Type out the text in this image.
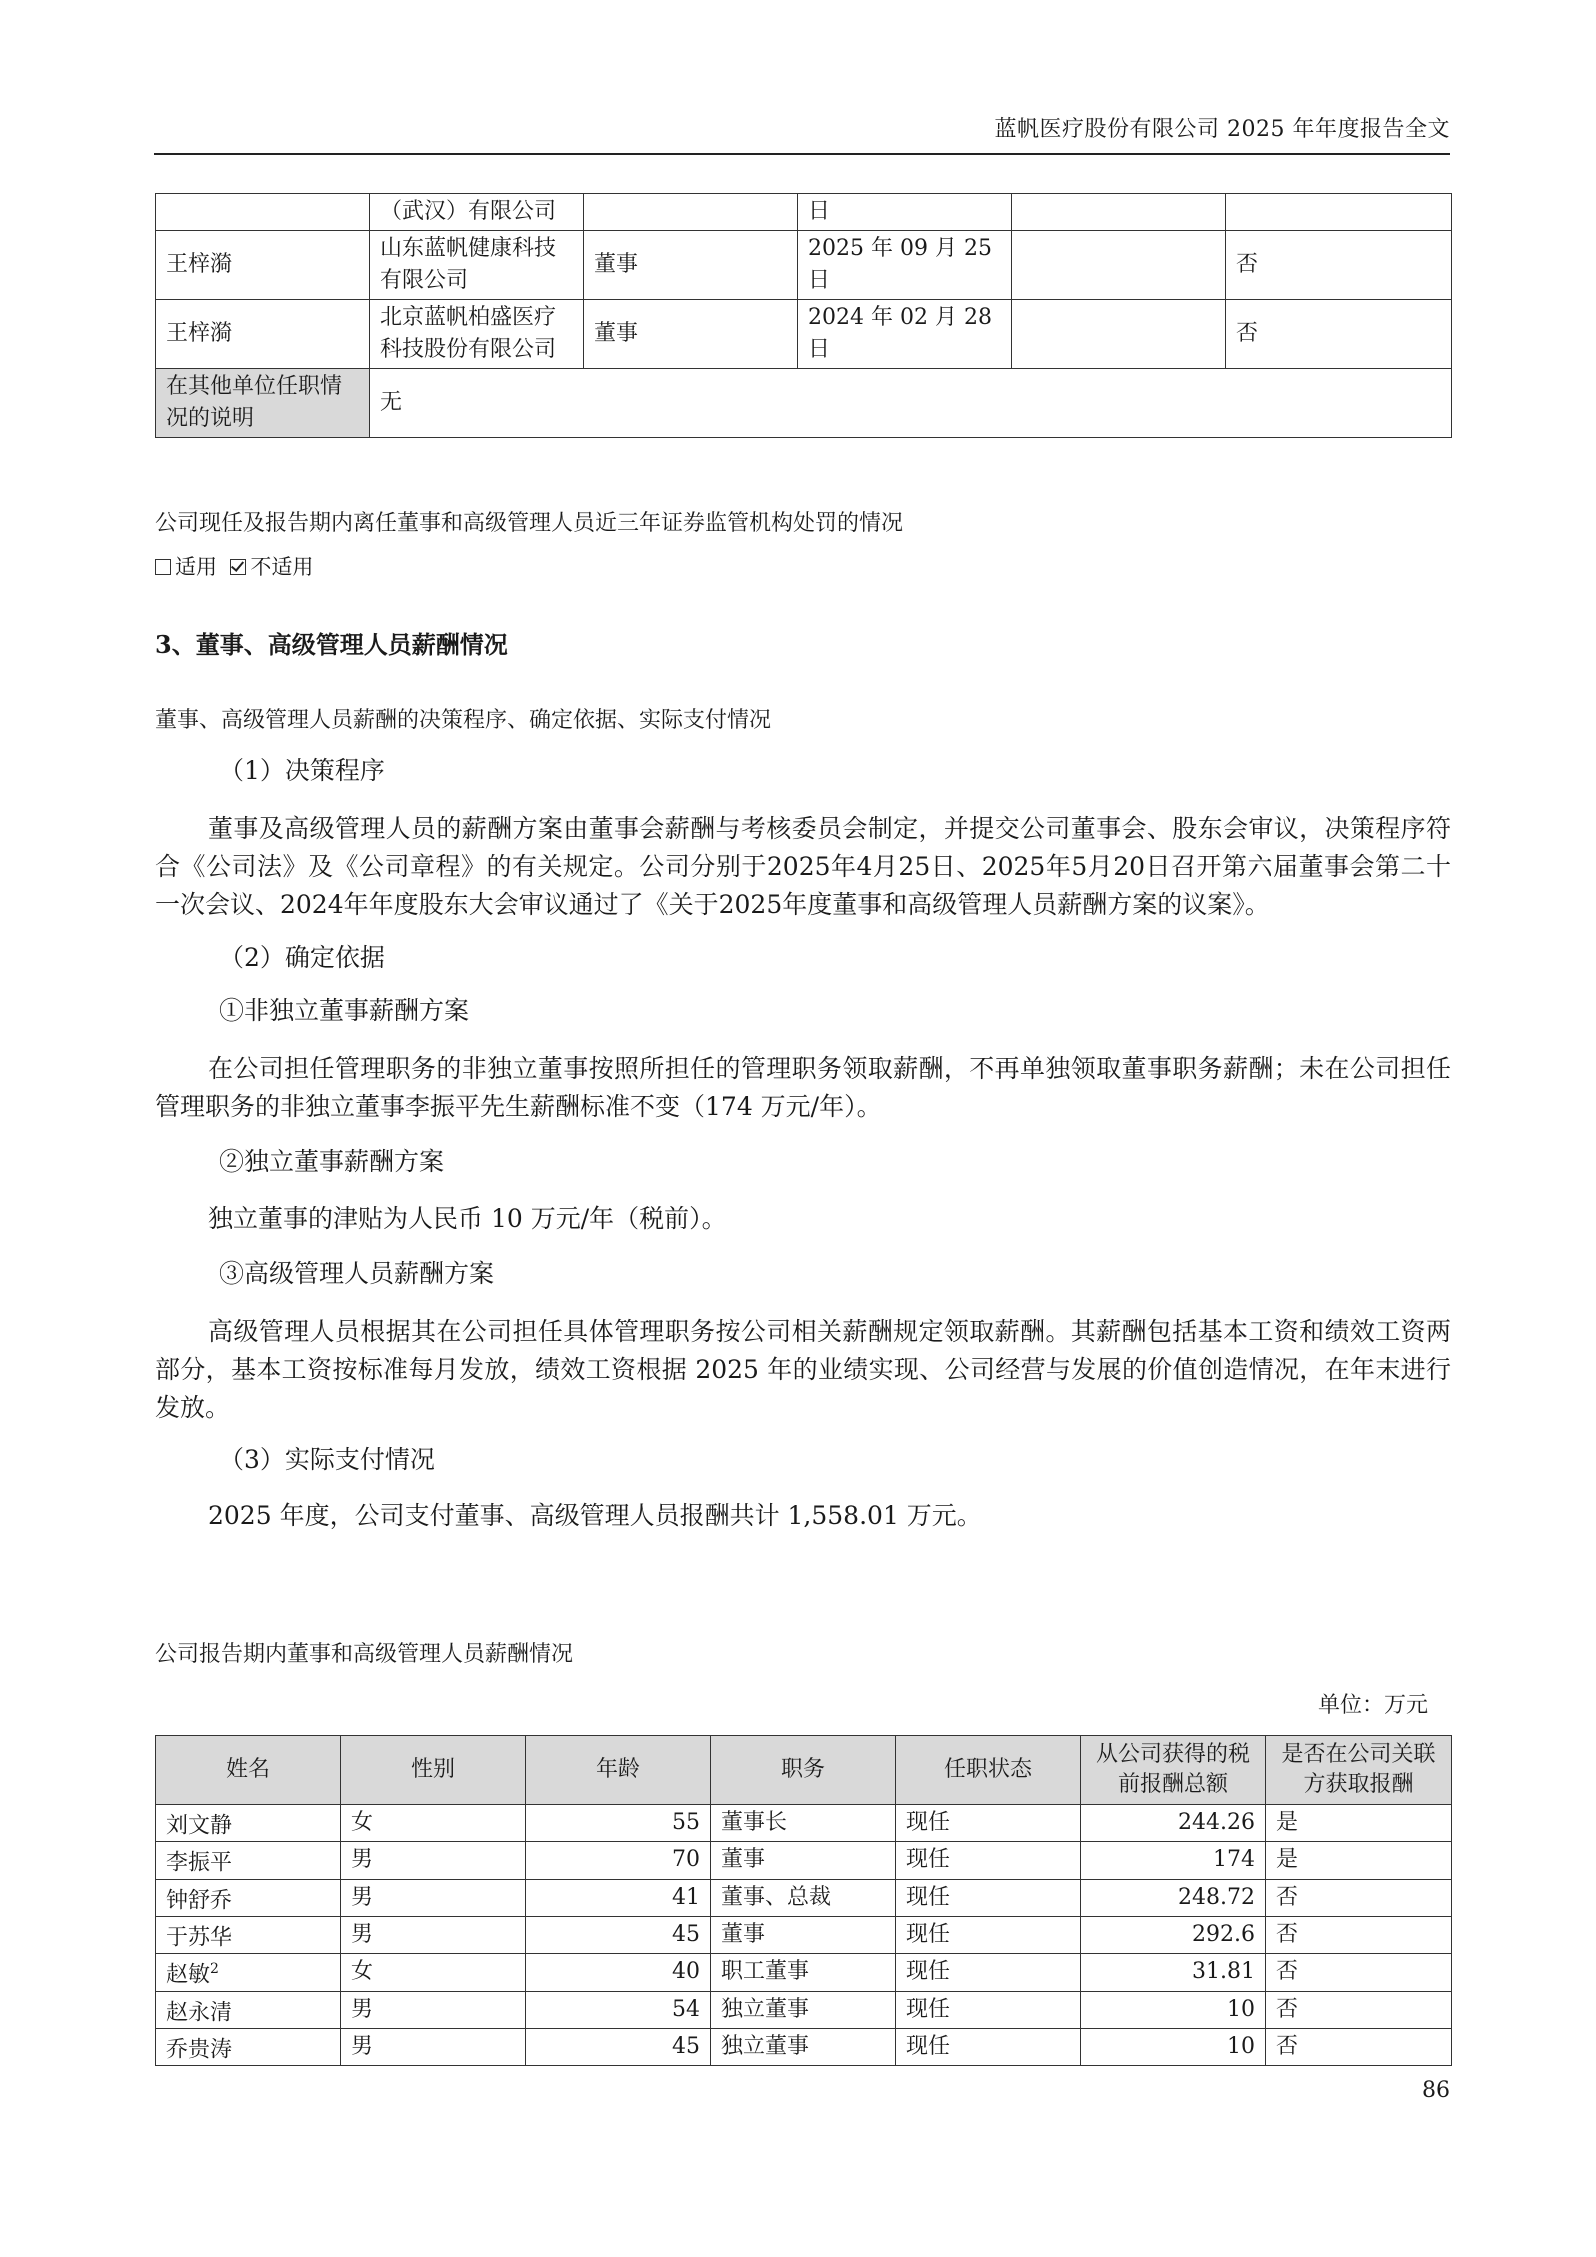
蓝帆医疗股份有限公司 2025 年年度报告全文
	（武汉）有限公司		日		
王梓漪	山东蓝帆健康科技有限公司	董事	2025 年 09 月 25 日		否
王梓漪	北京蓝帆柏盛医疗科技股份有限公司	董事	2024 年 02 月 28 日		否
在其他单位任职情况的说明	无				
公司现任及报告期内离任董事和高级管理人员近三年证券监管机构处罚的情况
适用 不适用
3、董事、高级管理人员薪酬情况
董事、高级管理人员薪酬的决策程序、确定依据、实际支付情况
（1）决策程序
董事及高级管理人员的薪酬方案由董事会薪酬与考核委员会制定，并提交公司董事会、股东会审议，决策程序符合《公司法》及《公司章程》的有关规定。公司分别于2025年4月25日、2025年5月20日召开第六届董事会第二十一次会议、2024年年度股东大会审议通过了《关于2025年度董事和高级管理人员薪酬方案的议案》。
（2）确定依据
①非独立董事薪酬方案
在公司担任管理职务的非独立董事按照所担任的管理职务领取薪酬，不再单独领取董事职务薪酬；未在公司担任管理职务的非独立董事李振平先生薪酬标准不变（174 万元/年）。
②独立董事薪酬方案
独立董事的津贴为人民币 10 万元/年（税前）。
③高级管理人员薪酬方案
高级管理人员根据其在公司担任具体管理职务按公司相关薪酬规定领取薪酬。其薪酬包括基本工资和绩效工资两部分，基本工资按标准每月发放，绩效工资根据 2025 年的业绩实现、公司经营与发展的价值创造情况，在年末进行发放。
（3）实际支付情况
2025 年度，公司支付董事、高级管理人员报酬共计 1,558.01 万元。
公司报告期内董事和高级管理人员薪酬情况
单位：万元
姓名	性别	年龄	职务	任职状态	从公司获得的税前报酬总额	是否在公司关联方获取报酬
刘文静	女	55	董事长	现任	244.26	是
李振平	男	70	董事	现任	174	是
钟舒乔	男	41	董事、总裁	现任	248.72	否
于苏华	男	45	董事	现任	292.6	否
赵敏$^2$	女	40	职工董事	现任	31.81	否
赵永清	男	54	独立董事	现任	10	否
乔贵涛	男	45	独立董事	现任	10	否
86
